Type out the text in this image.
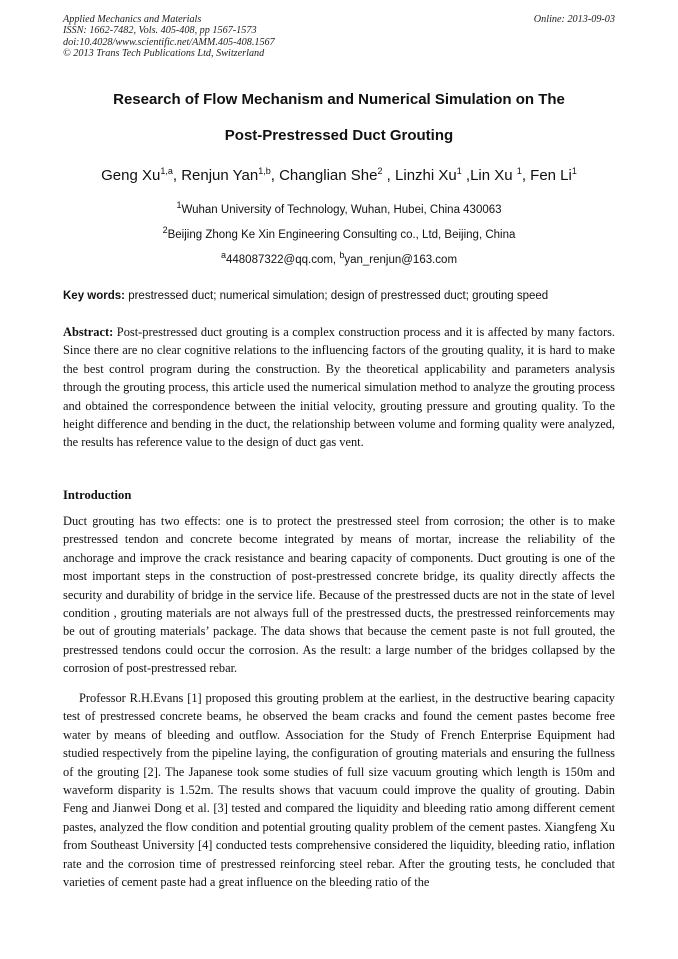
Applied Mechanics and Materials	Online: 2013-09-03
ISSN: 1662-7482, Vols. 405-408, pp 1567-1573
doi:10.4028/www.scientific.net/AMM.405-408.1567
© 2013 Trans Tech Publications Ltd, Switzerland
Research of Flow Mechanism and Numerical Simulation on The
Post-Prestressed Duct Grouting
Geng Xu$^{1,a}$, Renjun Yan$^{1,b}$, Changlian She$^2$ , Linzhi Xu$^1$ ,Lin Xu $^1$, Fen Li$^1$
$^1$Wuhan University of Technology, Wuhan, Hubei, China 430063
$^2$Beijing Zhong Ke Xin Engineering Consulting co., Ltd, Beijing, China
$^a$448087322@qq.com, $^b$yan_renjun@163.com
Key words: prestressed duct; numerical simulation; design of prestressed duct; grouting speed

Abstract: Post-prestressed duct grouting is a complex construction process and it is affected by many factors. Since there are no clear cognitive relations to the influencing factors of the grouting quality, it is hard to make the best control program during the construction. By the theoretical applicability and parameters analysis through the grouting process, this article used the numerical simulation method to analyze the grouting process and obtained the correspondence between the initial velocity, grouting pressure and grouting quality. To the height difference and bending in the duct, the relationship between volume and forming quality were analyzed, the results has reference value to the design of duct gas vent.

Introduction

Duct grouting has two effects: one is to protect the prestressed steel from corrosion; the other is to make prestressed tendon and concrete become integrated by means of mortar, increase the reliability of the anchorage and improve the crack resistance and bearing capacity of components. Duct grouting is one of the most important steps in the construction of post-prestressed concrete bridge, its quality directly affects the security and durability of bridge in the service life. Because of the prestressed ducts are not in the state of level condition , grouting materials are not always full of the prestressed ducts, the prestressed reinforcements may be out of grouting materials’ package. The data shows that because the cement paste is not full grouted, the prestressed tendons could occur the corrosion. As the result: a large number of the bridges collapsed by the corrosion of post-prestressed rebar.

Professor R.H.Evans [1] proposed this grouting problem at the earliest, in the destructive bearing capacity test of prestressed concrete beams, he observed the beam cracks and found the cement pastes become free water by means of bleeding and outflow. Association for the Study of French Enterprise Equipment had studied respectively from the pipeline laying, the configuration of grouting materials and ensuring the fullness of the grouting [2]. The Japanese took some studies of full size vacuum grouting which length is 150m and waveform disparity is 1.52m. The results shows that vacuum could improve the quality of grouting. Dabin Feng and Jianwei Dong et al. [3] tested and compared the liquidity and bleeding ratio among different cement pastes, analyzed the flow condition and potential grouting quality problem of the cement pastes. Xiangfeng Xu from Southeast University [4] conducted tests comprehensive considered the liquidity, bleeding ratio, inflation rate and the corrosion time of prestressed reinforcing steel rebar. After the grouting tests, he concluded that varieties of cement paste had a great influence on the bleeding ratio of the
